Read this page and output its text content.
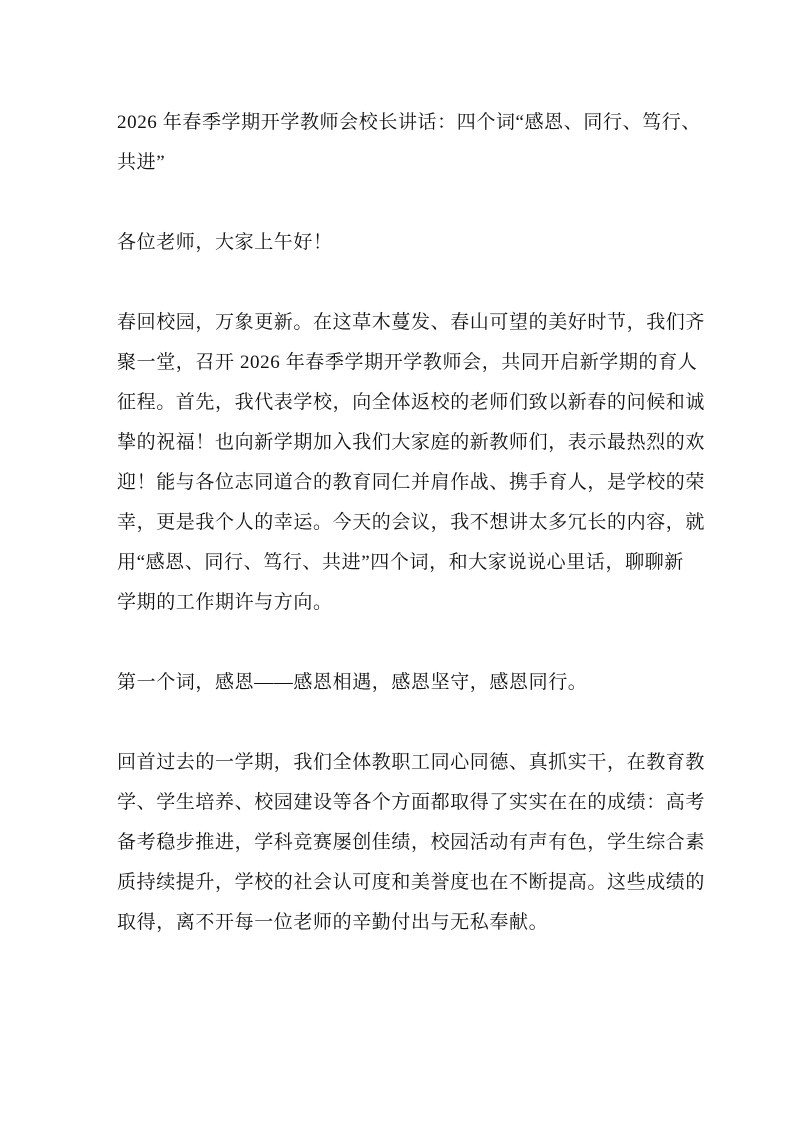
2026 年春季学期开学教师会校长讲话：四个词“感恩、同行、笃行、
共进”
各位老师，大家上午好！
春回校园，万象更新。在这草木蔓发、春山可望的美好时节，我们齐
聚一堂，召开 2026 年春季学期开学教师会，共同开启新学期的育人
征程。首先，我代表学校，向全体返校的老师们致以新春的问候和诚
挚的祝福！也向新学期加入我们大家庭的新教师们，表示最热烈的欢
迎！能与各位志同道合的教育同仁并肩作战、携手育人，是学校的荣
幸，更是我个人的幸运。今天的会议，我不想讲太多冗长的内容，就
用“感恩、同行、笃行、共进”四个词，和大家说说心里话，聊聊新
学期的工作期许与方向。
第一个词，感恩——感恩相遇，感恩坚守，感恩同行。
回首过去的一学期，我们全体教职工同心同德、真抓实干，在教育教
学、学生培养、校园建设等各个方面都取得了实实在在的成绩：高考
备考稳步推进，学科竞赛屡创佳绩，校园活动有声有色，学生综合素
质持续提升，学校的社会认可度和美誉度也在不断提高。这些成绩的
取得，离不开每一位老师的辛勤付出与无私奉献。
